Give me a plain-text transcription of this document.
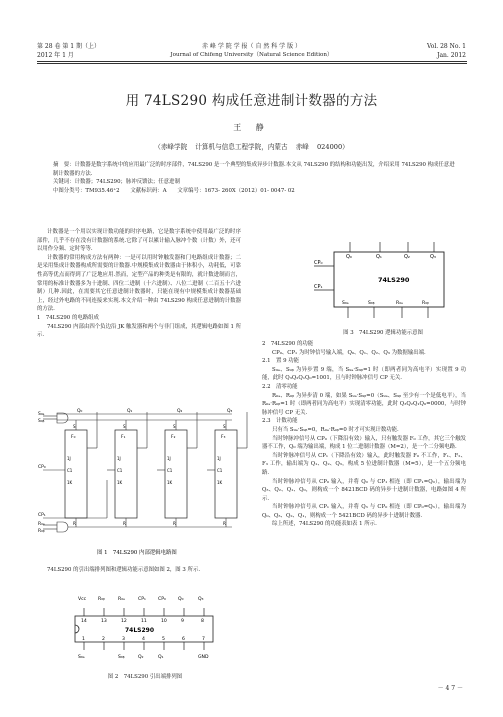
第 28 卷 第 1 期（上）
2012 年 1 月
赤 峰 学 院 学 报（ 自 然 科 学 版 ）
Journal of Chifeng University（Natural Science Edition）
Vol. 28 No. 1
Jan. 2012
用 74LS290 构成任意进制计数器的方法
王 静
（赤峰学院 计算机与信息工程学院，内蒙古 赤峰 024000）

摘　要：计数器是数字系统中的应用最广泛的时序部件，74LS290 是一个典型的集成异步计数器.本文从 74LS290 的结构和功能出发，介绍采用 74LS290 构成任意进制计数器的方法.

关键词：计数器；74LS290；脉冲反馈法；任意进制

中图分类号：TM935.46⁺2　　文献标识码：A　　文章编号：1673- 260X（2012）01- 0047- 02

计数器是一个用以实现计数功能的时序电路，它是数字系统中使用最广泛的时序部件，几乎不存在没有计数器的系统.它除了可以累计输入脉冲个数（计数）外，还可以用作分频、定时等等.

计数器的常用构成方法有两种：一是可以用时钟触发器和门电路组成计数器；二是采用集成计数器构成所需要的计数器.中规模集成计数器由于体积小，功耗低，可靠性高等优点而得到了广泛地应用.然而，定型产品的种类是有限的，就计数进制而言，常用的标准计数器多为十进制、四位二进制（十六进制）、八位二进制（二百五十六进制）几种.因此，在需要其它任意进制计数器时，只能在现有中规模集成计数器基础上，经过外电路的不同连接来实现.本文介绍一种由 74LS290 构成任意进制的计数器的方法.

1　74LS290 的电路组成

74LS290 内部由四个负边沿 JK 触发器和两个与非门组成，其逻辑电路如图 1 所示.

S₉ₐ
S₉ᵦ
F₀
1J
C1
1K
S
R
F₁
1J
C1
1K
S
R
F₂
1J
C1
1K
S
R
F₃
1J
C1
1K
S
R
Q₀	Q₁	Q₂	Q₃
CP₀
CP₁
R₀ₐ
R₀ᵦ
图 1　74LS290 内部逻辑电路图

74LS290 的引出端排列图和逻辑功能示意图如图 2，图 3 所示.

Vcc
14
1
S₉ₐ
R₀ᵦ
13
2
R₀ₐ
12
3
S₉ᵦ
CP₁
11
4
Q₂
CP₀
10
5
Q₁
Q₀
9
6
Q₃
8
7
GND
74LS290
图 2　74LS290 引出端排列图
74LS290
Q₀	Q₁	Q₂	Q₃
S₉ₐ	S₉ᵦ	R₀ₐ	R₀ᵦ
CP₀
CP₁
图 3　74LS290 逻辑功能示意图

2　74LS290 的功能

CP₀、CP₁ 为时钟信号输入端，Q₀、Q₁、Q₂、Q₃ 为数据输出端.

2.1　置 9 功能

S₉ₐ、S₉ᵦ 为异步置 9 端，当 S₉ₐ·S₉ᵦ=1 时（即两者同为高电平）实现置 9 功能，此时 Q₃Q₂Q₁Q₀=1001，且与时钟脉冲信号 CP 无关.

2.2　清零功能

R₀ₐ、R₀ᵦ 为异步清 0 端，如果 S₉ₐ·S₉ᵦ=0（S₉ₐ、S₉ᵦ 至少有一个是低电平），当 R₀ₐ·R₀ᵦ=1 时（即两者同为高电平）实现清零功能，此时 Q₃Q₂Q₁Q₀=0000，与时钟脉冲信号 CP 无关.

2.3　计数功能

只有当 S₉ₐ·S₉ᵦ=0，R₀ₐ·R₀ᵦ=0 时才可实现计数功能.

当时钟脉冲信号从 CP₀（下降沿有效）输入，只有触发器 F₀ 工作，其它三个触发器不工作，Q₀ 端为输出端，构成 1 位二进制计数器（M=2），是一个二分频电路.

当时钟脉冲信号从 CP₁（下降沿有效）输入，此时触发器 F₀ 不工作，F₁、F₂、F₃ 工作，输出端为 Q₁、Q₂、Q₃，构成 5 位进制计数器（M=5），是一个五分频电路.

当时钟脉冲信号从 CP₀ 输入，并将 Q₀ 与 CP₁ 相连（即 CP₁=Q₀），输出端为 Q₃、Q₂、Q₁、Q₀，则构成一个 8421BCD 码的异步十进制计数器，电路如图 4 所示.

当时钟脉冲信号从 CP₁ 输入，并将 Q₃ 与 CP₀ 相连（即 CP₀=Q₃），输出端为 Q₀、Q₃、Q₂、Q₁，则构成一个 5421BCD 码的异步十进制计数器.

综上所述，74LS290 的功能表如表 1 所示.

－ 4 7 －
